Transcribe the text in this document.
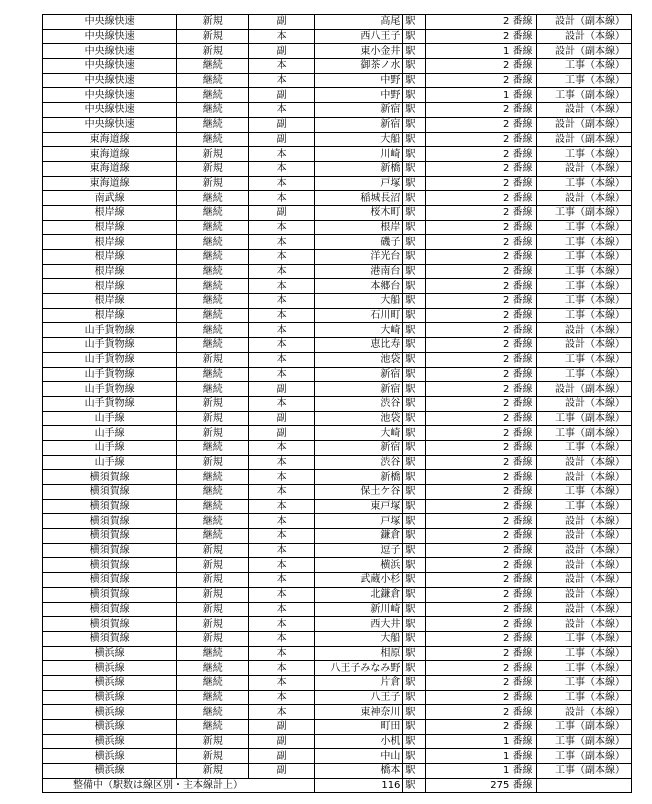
中央線快速	新規	副	高尾	駅	2 番線	設計（副本線）
中央線快速	新規	本	西八王子	駅	2 番線	設計（本線）
中央線快速	新規	副	東小金井	駅	1 番線	設計（副本線）
中央線快速	継続	本	御茶ノ水	駅	2 番線	工事（本線）
中央線快速	継続	本	中野	駅	2 番線	工事（本線）
中央線快速	継続	副	中野	駅	1 番線	工事（副本線）
中央線快速	継続	本	新宿	駅	2 番線	設計（本線）
中央線快速	継続	副	新宿	駅	2 番線	設計（副本線）
東海道線	継続	副	大船	駅	2 番線	設計（副本線）
東海道線	新規	本	川崎	駅	2 番線	工事（本線）
東海道線	新規	本	新橋	駅	2 番線	設計（本線）
東海道線	新規	本	戸塚	駅	2 番線	工事（本線）
南武線	継続	本	稲城長沼	駅	2 番線	設計（本線）
根岸線	継続	副	桜木町	駅	2 番線	工事（副本線）
根岸線	継続	本	根岸	駅	2 番線	工事（本線）
根岸線	継続	本	磯子	駅	2 番線	工事（本線）
根岸線	継続	本	洋光台	駅	2 番線	工事（本線）
根岸線	継続	本	港南台	駅	2 番線	工事（本線）
根岸線	継続	本	本郷台	駅	2 番線	工事（本線）
根岸線	継続	本	大船	駅	2 番線	工事（本線）
根岸線	継続	本	石川町	駅	2 番線	工事（本線）
山手貨物線	継続	本	大崎	駅	2 番線	設計（本線）
山手貨物線	継続	本	恵比寿	駅	2 番線	設計（本線）
山手貨物線	新規	本	池袋	駅	2 番線	工事（本線）
山手貨物線	継続	本	新宿	駅	2 番線	工事（本線）
山手貨物線	継続	副	新宿	駅	2 番線	設計（副本線）
山手貨物線	新規	本	渋谷	駅	2 番線	設計（本線）
山手線	新規	副	池袋	駅	2 番線	工事（副本線）
山手線	新規	副	大崎	駅	2 番線	工事（副本線）
山手線	継続	本	新宿	駅	2 番線	工事（本線）
山手線	新規	本	渋谷	駅	2 番線	設計（本線）
横須賀線	継続	本	新橋	駅	2 番線	設計（本線）
横須賀線	継続	本	保土ケ谷	駅	2 番線	工事（本線）
横須賀線	継続	本	東戸塚	駅	2 番線	工事（本線）
横須賀線	継続	本	戸塚	駅	2 番線	設計（本線）
横須賀線	継続	本	鎌倉	駅	2 番線	設計（本線）
横須賀線	新規	本	逗子	駅	2 番線	設計（本線）
横須賀線	新規	本	横浜	駅	2 番線	設計（本線）
横須賀線	新規	本	武蔵小杉	駅	2 番線	設計（本線）
横須賀線	新規	本	北鎌倉	駅	2 番線	設計（本線）
横須賀線	新規	本	新川崎	駅	2 番線	設計（本線）
横須賀線	新規	本	西大井	駅	2 番線	設計（本線）
横須賀線	新規	本	大船	駅	2 番線	工事（本線）
横浜線	継続	本	相原	駅	2 番線	工事（本線）
横浜線	継続	本	八王子みなみ野	駅	2 番線	工事（本線）
横浜線	継続	本	片倉	駅	2 番線	工事（本線）
横浜線	継続	本	八王子	駅	2 番線	工事（本線）
横浜線	継続	本	東神奈川	駅	2 番線	設計（本線）
横浜線	継続	副	町田	駅	2 番線	工事（副本線）
横浜線	新規	副	小机	駅	1 番線	工事（副本線）
横浜線	新規	副	中山	駅	1 番線	工事（副本線）
横浜線	新規	副	橋本	駅	1 番線	工事（副本線）
整備中（駅数は線区別・主本線計上）			116	駅	275 番線	
